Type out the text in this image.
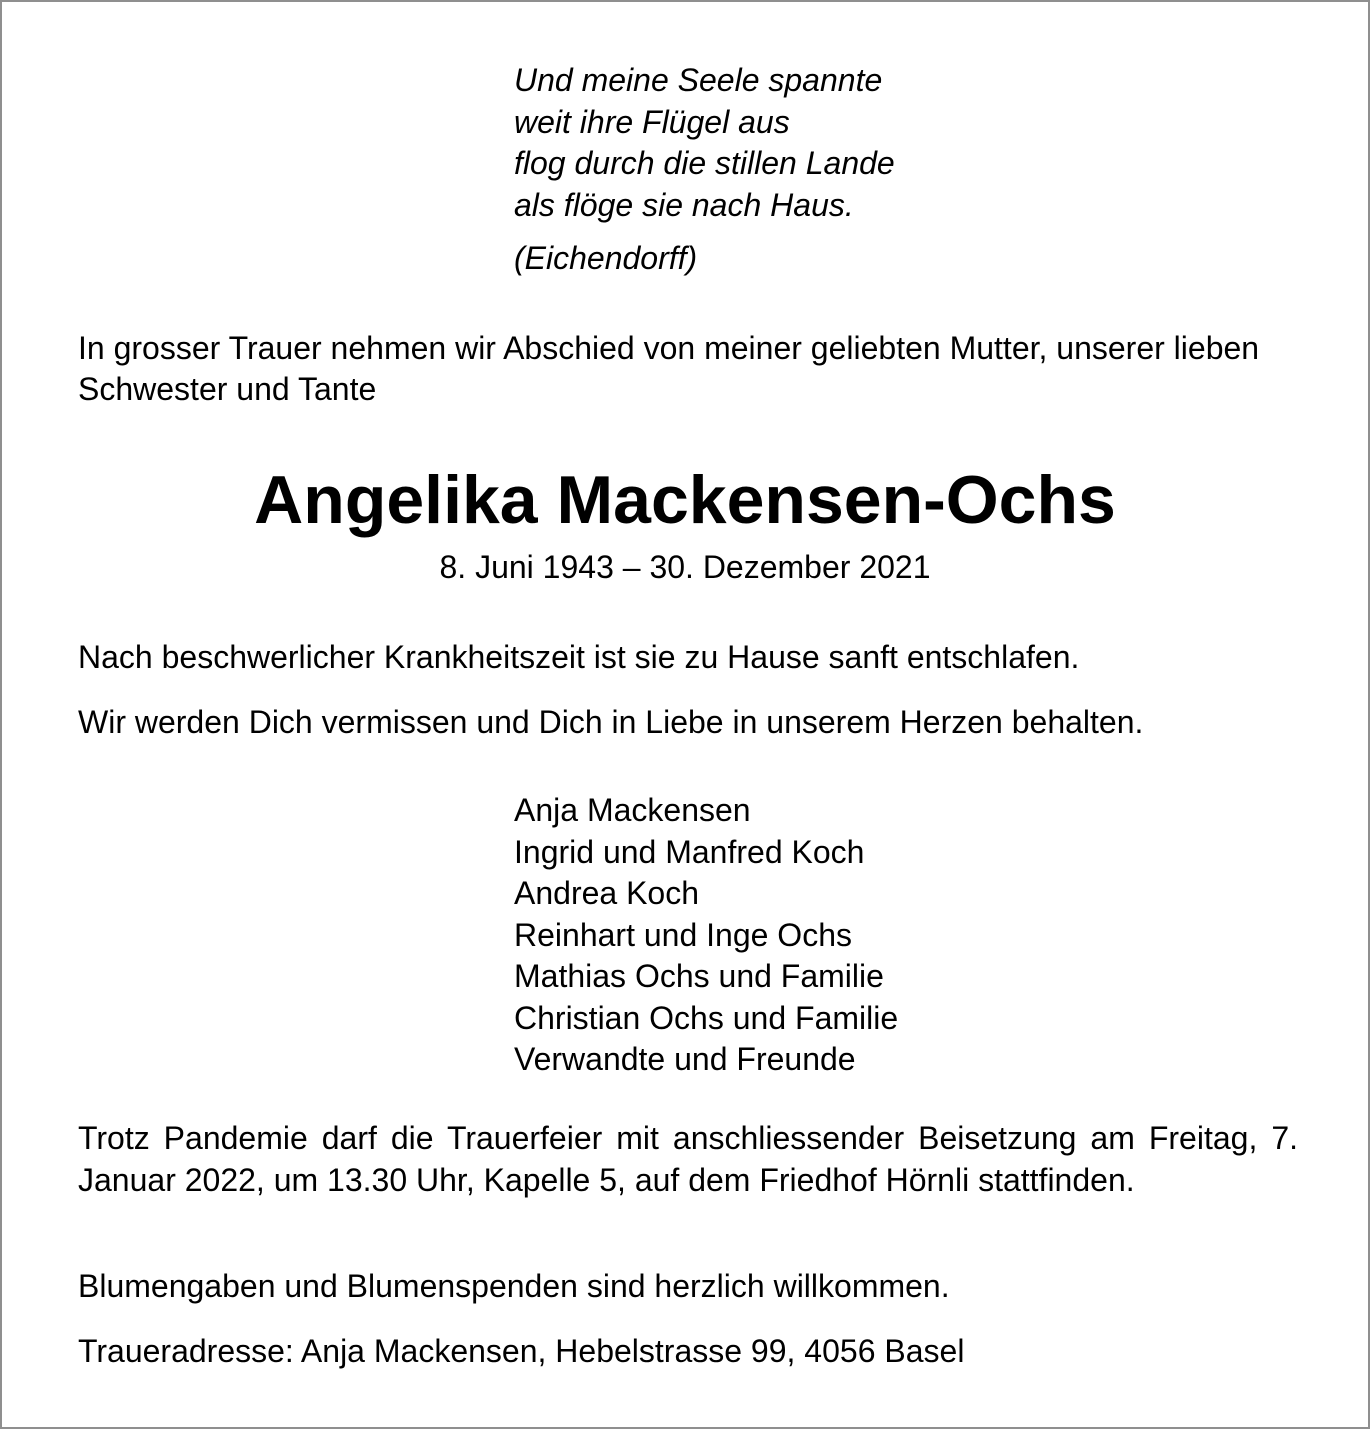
Und meine Seele spannte
weit ihre Flügel aus
flog durch die stillen Lande
als flöge sie nach Haus.
(Eichendorff)
In grosser Trauer nehmen wir Abschied von meiner geliebten Mutter, unserer lieben Schwester und Tante
Angelika Mackensen-Ochs
8. Juni 1943 – 30. Dezember 2021
Nach beschwerlicher Krankheitszeit ist sie zu Hause sanft entschlafen.
Wir werden Dich vermissen und Dich in Liebe in unserem Herzen behalten.
Anja Mackensen
Ingrid und Manfred Koch
Andrea Koch
Reinhart und Inge Ochs
Mathias Ochs und Familie
Christian Ochs und Familie
Verwandte und Freunde
Trotz Pandemie darf die Trauerfeier mit anschliessender Beisetzung am Freitag, 7. Januar 2022, um 13.30 Uhr, Kapelle 5, auf dem Friedhof Hörnli stattfinden.
Blumengaben und Blumenspenden sind herzlich willkommen.
Traueradresse: Anja Mackensen, Hebelstrasse 99, 4056 Basel
